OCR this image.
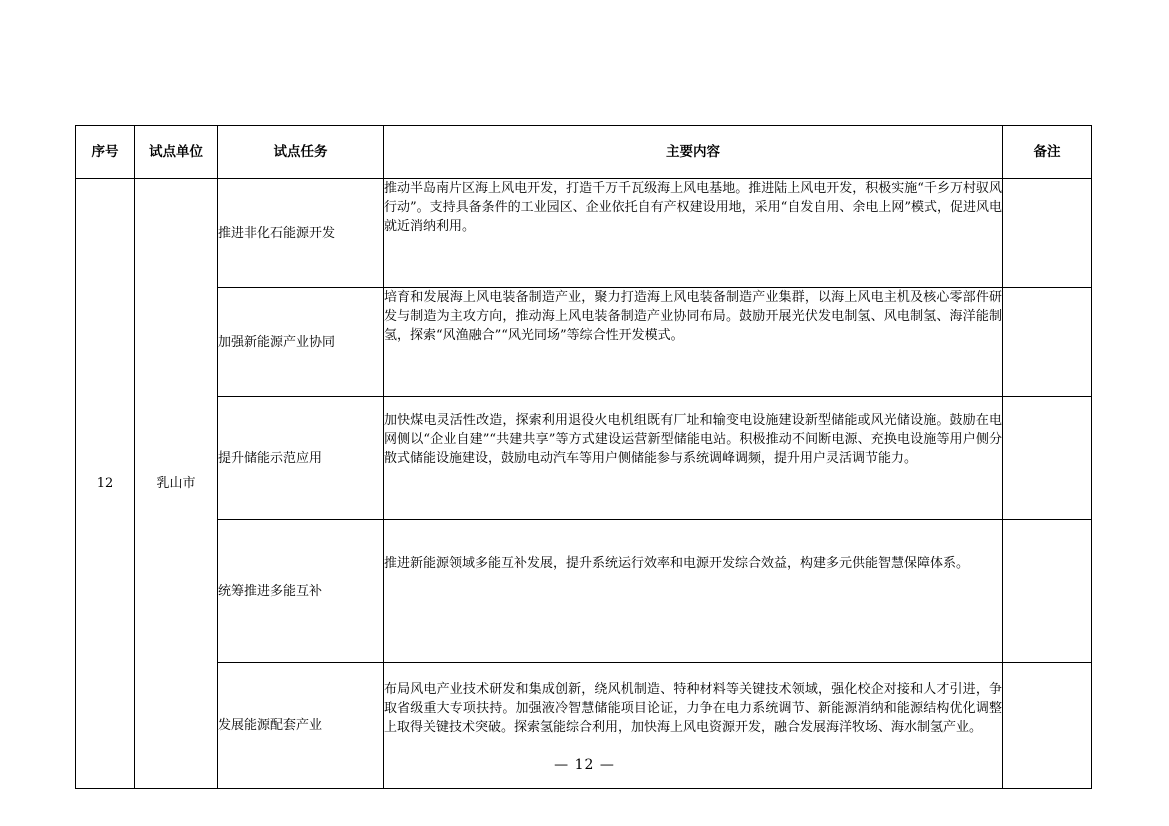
序号	试点单位	试点任务	主要内容	备注
12	乳山市	推进非化石能源开发	推动半岛南片区海上风电开发，打造千万千瓦级海上风电基地。推进陆上风电开发，积极实施“千乡万村驭风行动”。支持具备条件的工业园区、企业依托自有产权建设用地，采用“自发自用、余电上网”模式，促进风电就近消纳利用。	

		加强新能源产业协同	培育和发展海上风电装备制造产业，聚力打造海上风电装备制造产业集群，以海上风电主机及核心零部件研发与制造为主攻方向，推动海上风电装备制造产业协同布局。鼓励开展光伏发电制氢、风电制氢、海洋能制氢，探索“风渔融合”“风光同场”等综合性开发模式。	

		提升储能示范应用	加快煤电灵活性改造，探索利用退役火电机组既有厂址和输变电设施建设新型储能或风光储设施。鼓励在电网侧以“企业自建”“共建共享”等方式建设运营新型储能电站。积极推动不间断电源、充换电设施等用户侧分散式储能设施建设，鼓励电动汽车等用户侧储能参与系统调峰调频，提升用户灵活调节能力。	

		统筹推进多能互补	推进新能源领域多能互补发展，提升系统运行效率和电源开发综合效益，构建多元供能智慧保障体系。	

		发展能源配套产业	布局风电产业技术研发和集成创新，绕风机制造、特种材料等关键技术领域，强化校企对接和人才引进，争取省级重大专项扶持。加强液冷智慧储能项目论证，力争在电力系统调节、新能源消纳和能源结构优化调整上取得关键技术突破。探索氢能综合利用，加快海上风电资源开发，融合发展海洋牧场、海水制氢产业。	

— 12 —
